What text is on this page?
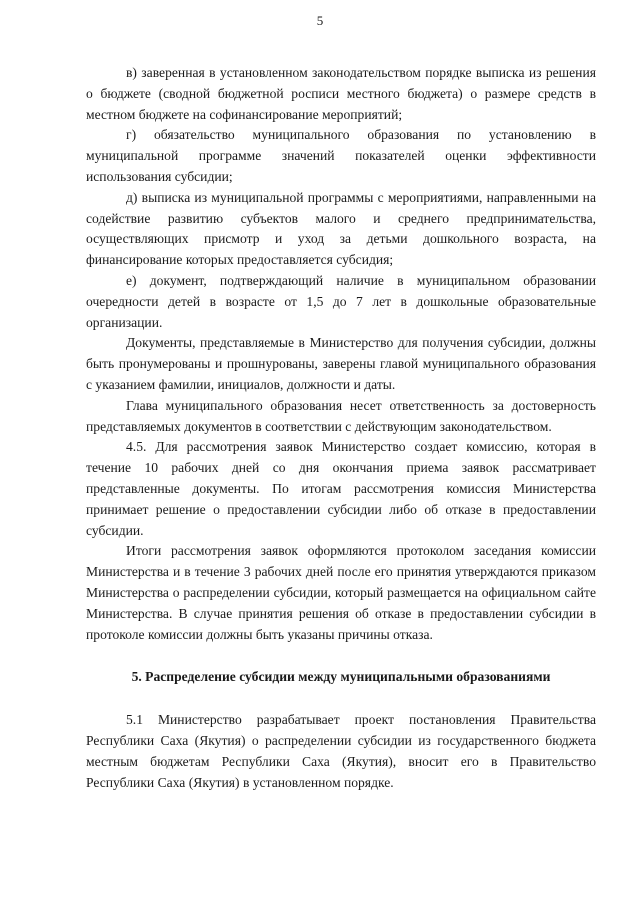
5

в) заверенная в установленном законодательством порядке выписка из решения о бюджете (сводной бюджетной росписи местного бюджета) о размере средств в местном бюджете на софинансирование мероприятий;

г) обязательство муниципального образования по установлению в муниципальной программе значений показателей оценки эффективности использования субсидии;

д) выписка из муниципальной программы с мероприятиями, направленными на содействие развитию субъектов малого и среднего предпринимательства, осуществляющих присмотр и уход за детьми дошкольного возраста, на финансирование которых предоставляется субсидия;

е) документ, подтверждающий наличие в муниципальном образовании очередности детей в возрасте от 1,5 до 7 лет в дошкольные образовательные организации.

Документы, представляемые в Министерство для получения субсидии, должны быть пронумерованы и прошнурованы, заверены главой муниципального образования с указанием фамилии, инициалов, должности и даты.

Глава муниципального образования несет ответственность за достоверность представляемых документов в соответствии с действующим законодательством.

4.5. Для рассмотрения заявок Министерство создает комиссию, которая в течение 10 рабочих дней со дня окончания приема заявок рассматривает представленные документы. По итогам рассмотрения комиссия Министерства принимает решение о предоставлении субсидии либо об отказе в предоставлении субсидии.

Итоги рассмотрения заявок оформляются протоколом заседания комиссии Министерства и в течение 3 рабочих дней после его принятия утверждаются приказом Министерства о распределении субсидии, который размещается на официальном сайте Министерства. В случае принятия решения об отказе в предоставлении субсидии в протоколе комиссии должны быть указаны причины отказа.

5. Распределение субсидии между муниципальными образованиями

5.1 Министерство разрабатывает проект постановления Правительства Республики Саха (Якутия) о распределении субсидии из государственного бюджета местным бюджетам Республики Саха (Якутия), вносит его в Правительство Республики Саха (Якутия) в установленном порядке.
